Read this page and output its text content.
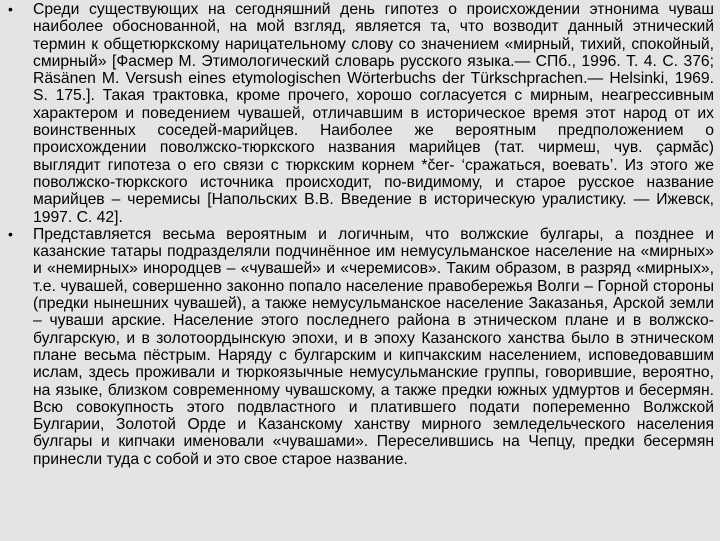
• Среди существующих на сегодняшний день гипотез о происхождении этнонима чуваш наиболее обоснованной, на мой взгляд, является та, что возводит данный этнический термин к общетюркскому нарицательному слову со значением «мирный, тихий, спокойный, смирный» [Фасмер М. Этимологический словарь русского языка.— СПб., 1996. Т. 4. С. 376; Räsänen M. Versush eines etymologischen Wörterbuchs der Türkschprachen.— Helsinki, 1969. S. 175.]. Такая трактовка, кроме прочего, хорошо согласуется с мирным, неагрессивным характером и поведением чувашей, отличавшим в историческое время этот народ от их воинственных соседей-марийцев. Наиболее же вероятным предположением о происхождении поволжско-тюркского названия марийцев (тат. чирмеш, чув. çармăс) выглядит гипотеза о его связи с тюркским корнем *čer- ‘сражаться, воевать’. Из этого же поволжско-тюркского источника происходит, по-видимому, и старое русское название марийцев – черемисы [Напольских В.В. Введение в историческую уралистику. — Ижевск, 1997. С. 42].
• Представляется весьма вероятным и логичным, что волжские булгары, а позднее и казанские татары подразделяли подчинённое им немусульманское население на «мирных» и «немирных» инородцев – «чувашей» и «черемисов». Таким образом, в разряд «мирных», т.е. чувашей, совершенно законно попало население правобережья Волги – Горной стороны (предки нынешних чувашей), а также немусульманское население Заказанья, Арской земли – чуваши арские. Население этого последнего района в этническом плане и в волжско-булгарскую, и в золотоордынскую эпохи, и в эпоху Казанского ханства было в этническом плане весьма пёстрым. Наряду с булгарским и кипчакским населением, исповедовавшим ислам, здесь проживали и тюркоязычные немусульманские группы, говорившие, вероятно, на языке, близком современному чувашскому, а также предки южных удмуртов и бесермян. Всю совокупность этого подвластного и платившего подати попеременно Волжской Булгарии, Золотой Орде и Казанскому ханству мирного земледельческого населения булгары и кипчаки именовали «чувашами». Переселившись на Чепцу, предки бесермян принесли туда с собой и это свое старое название.
